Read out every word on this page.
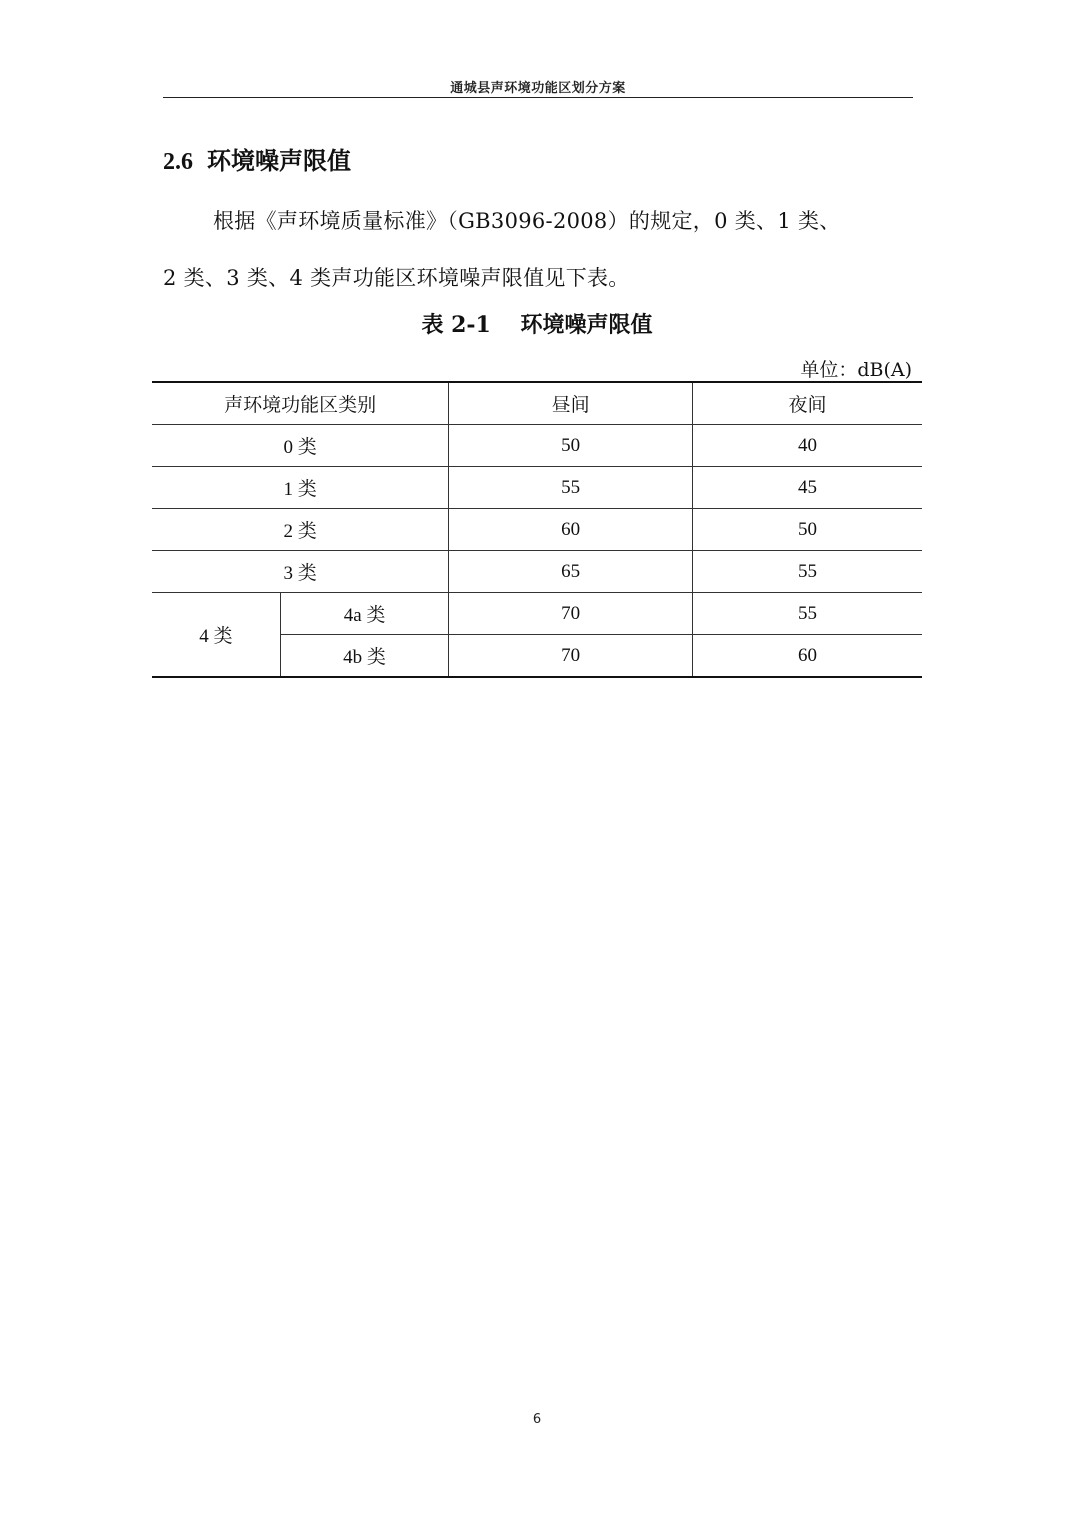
通城县声环境功能区划分方案
2.6 环境噪声限值
根据《声环境质量标准》（GB3096-2008）的规定，0 类、1 类、
2 类、3 类、4 类声功能区环境噪声限值见下表。
表 2-1　 环境噪声限值
单位：dB(A)
声环境功能区类别		昼间	夜间
0 类		50	40
1 类		55	45
2 类		60	50
3 类		65	55
4 类	4a 类	70	55
	4b 类	70	60
6
